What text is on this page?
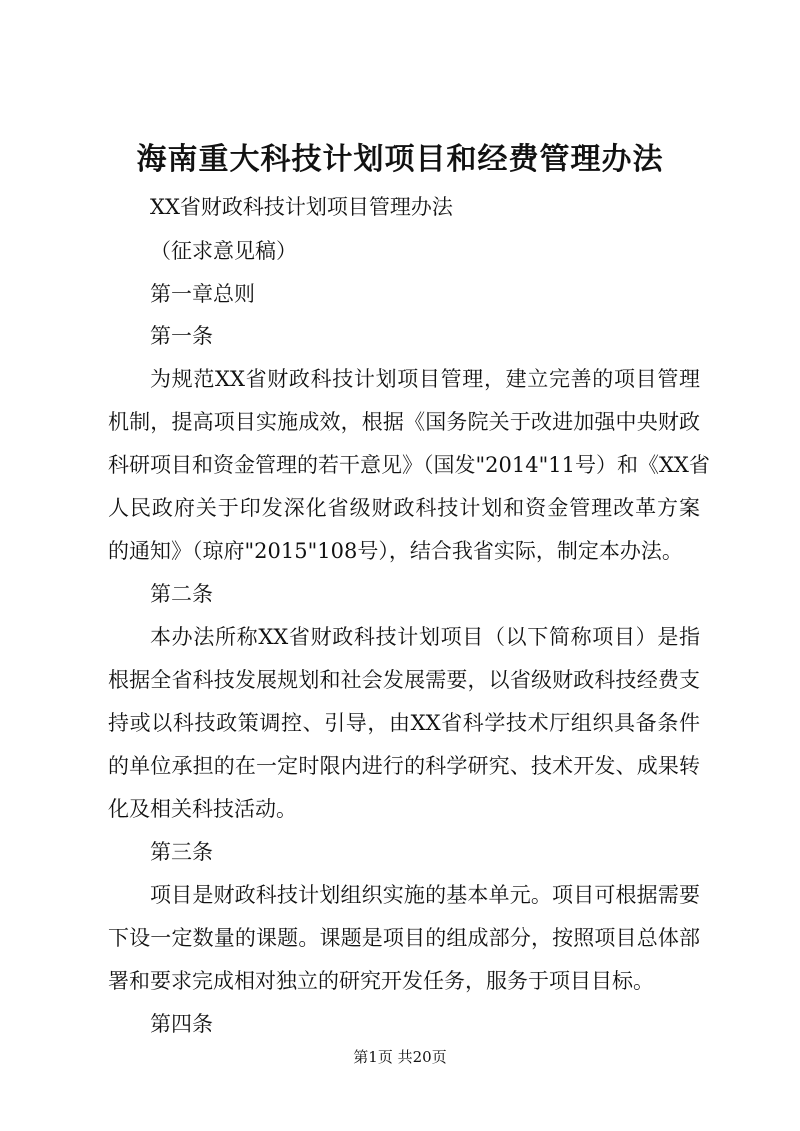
海南重大科技计划项目和经费管理办法
XX省财政科技计划项目管理办法
（征求意见稿）
第一章总则
第一条
为规范XX省财政科技计划项目管理，建立完善的项目管理
机制，提高项目实施成效，根据《国务院关于改进加强中央财政
科研项目和资金管理的若干意见》（国发"2014"11号）和《XX省
人民政府关于印发深化省级财政科技计划和资金管理改革方案
的通知》（琼府"2015"108号），结合我省实际，制定本办法。
第二条
本办法所称XX省财政科技计划项目（以下简称项目）是指
根据全省科技发展规划和社会发展需要，以省级财政科技经费支
持或以科技政策调控、引导，由XX省科学技术厅组织具备条件
的单位承担的在一定时限内进行的科学研究、技术开发、成果转
化及相关科技活动。
第三条
项目是财政科技计划组织实施的基本单元。项目可根据需要
下设一定数量的课题。课题是项目的组成部分，按照项目总体部
署和要求完成相对独立的研究开发任务，服务于项目目标。
第四条
第1页 共20页
